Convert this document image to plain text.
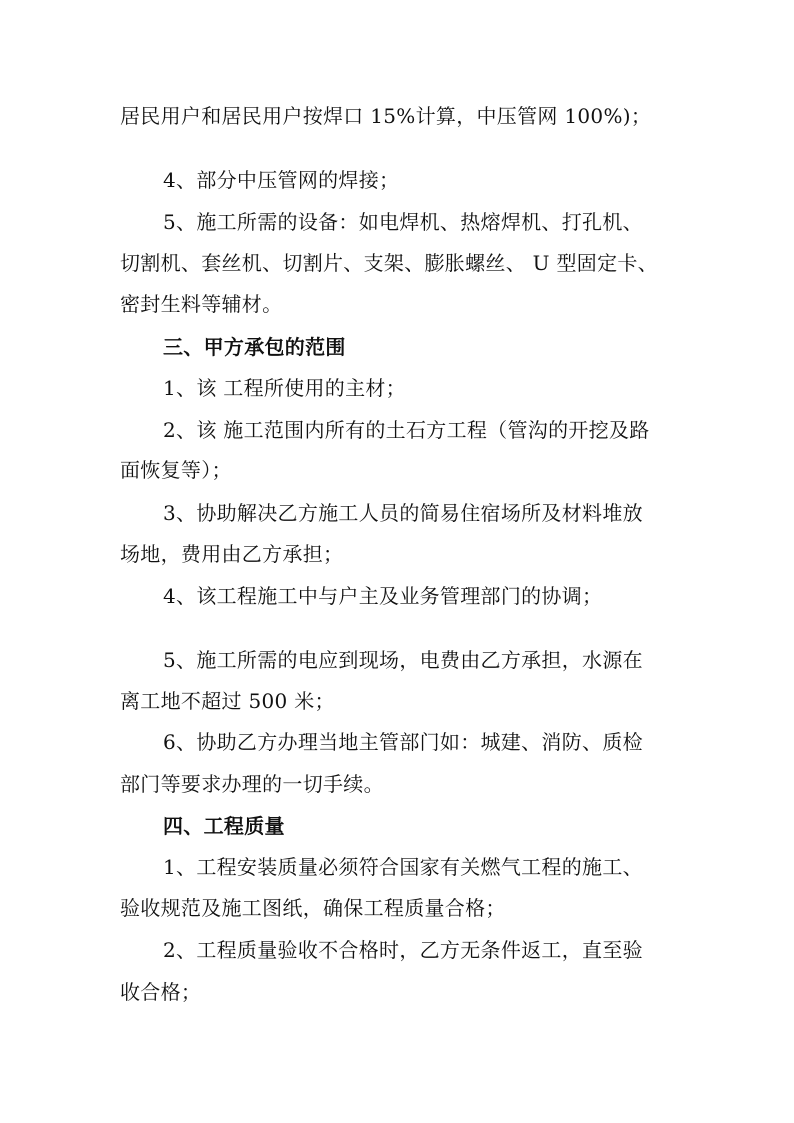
居民用户和居民用户按焊口 15%计算，中压管网 100%)；
4、部分中压管网的焊接；
5、施工所需的设备：如电焊机、热熔焊机、打孔机、
切割机、套丝机、切割片、支架、膨胀螺丝、 U 型固定卡、
密封生料等辅材。
三、甲方承包的范围
1、该 工程所使用的主材；
2、该 施工范围内所有的土石方工程（管沟的开挖及路
面恢复等）；
3、协助解决乙方施工人员的简易住宿场所及材料堆放
场地，费用由乙方承担；
4、该工程施工中与户主及业务管理部门的协调；
5、施工所需的电应到现场，电费由乙方承担，水源在
离工地不超过 500 米；
6、协助乙方办理当地主管部门如：城建、消防、质检
部门等要求办理的一切手续。
四、工程质量
1、工程安装质量必须符合国家有关燃气工程的施工、
验收规范及施工图纸，确保工程质量合格；
2、工程质量验收不合格时，乙方无条件返工，直至验
收合格；
